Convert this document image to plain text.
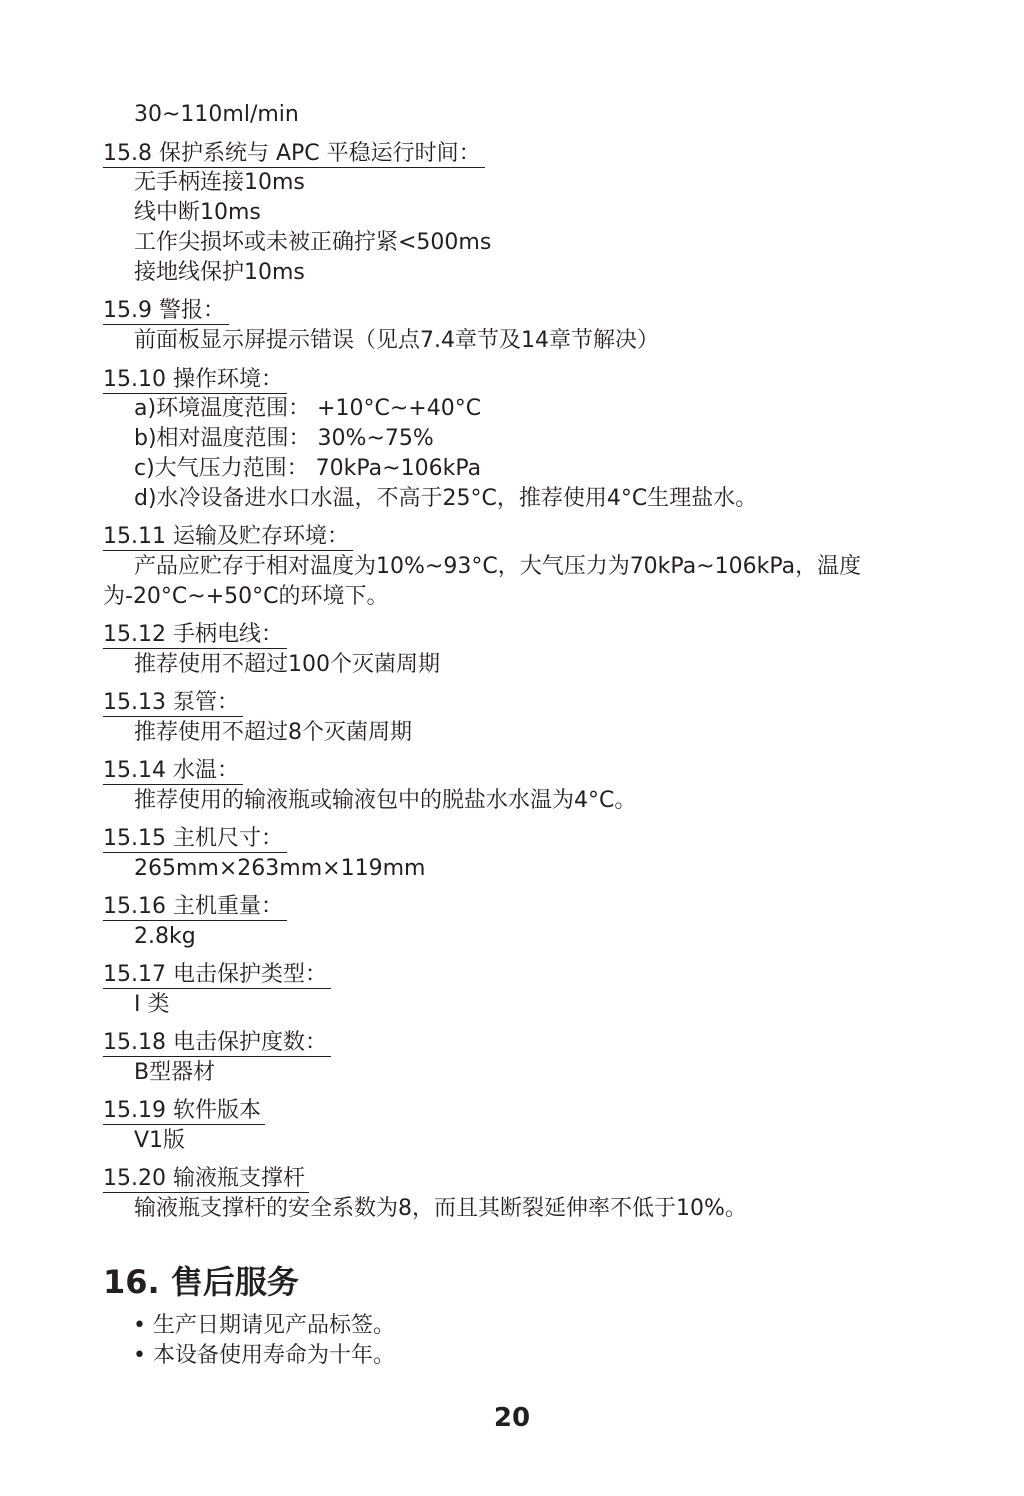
30~110ml/min
15.8 保护系统与 APC 平稳运行时间：
无手柄连接10ms
线中断10ms
工作尖损坏或未被正确拧紧<500ms
接地线保护10ms
15.9 警报：
前面板显示屏提示错误（见点7.4章节及14章节解决）
15.10 操作环境：
a)环境温度范围： +10°C~+40°C
b)相对温度范围： 30%~75%
c)大气压力范围： 70kPa~106kPa
d)水冷设备进水口水温，不高于25°C，推荐使用4°C生理盐水。
15.11 运输及贮存环境：
产品应贮存于相对温度为10%~93°C，大气压力为70kPa~106kPa，温度为-20°C~+50°C的环境下。
15.12 手柄电线：
推荐使用不超过100个灭菌周期
15.13 泵管：
推荐使用不超过8个灭菌周期
15.14 水温：
推荐使用的输液瓶或输液包中的脱盐水水温为4°C。
15.15 主机尺寸：
265mm×263mm×119mm
15.16 主机重量：
2.8kg
15.17 电击保护类型：
I 类
15.18 电击保护度数：
B型器材
15.19 软件版本
V1版
15.20 输液瓶支撑杆
输液瓶支撑杆的安全系数为8，而且其断裂延伸率不低于10%。
16. 售后服务
• 生产日期请见产品标签。
• 本设备使用寿命为十年。
20
